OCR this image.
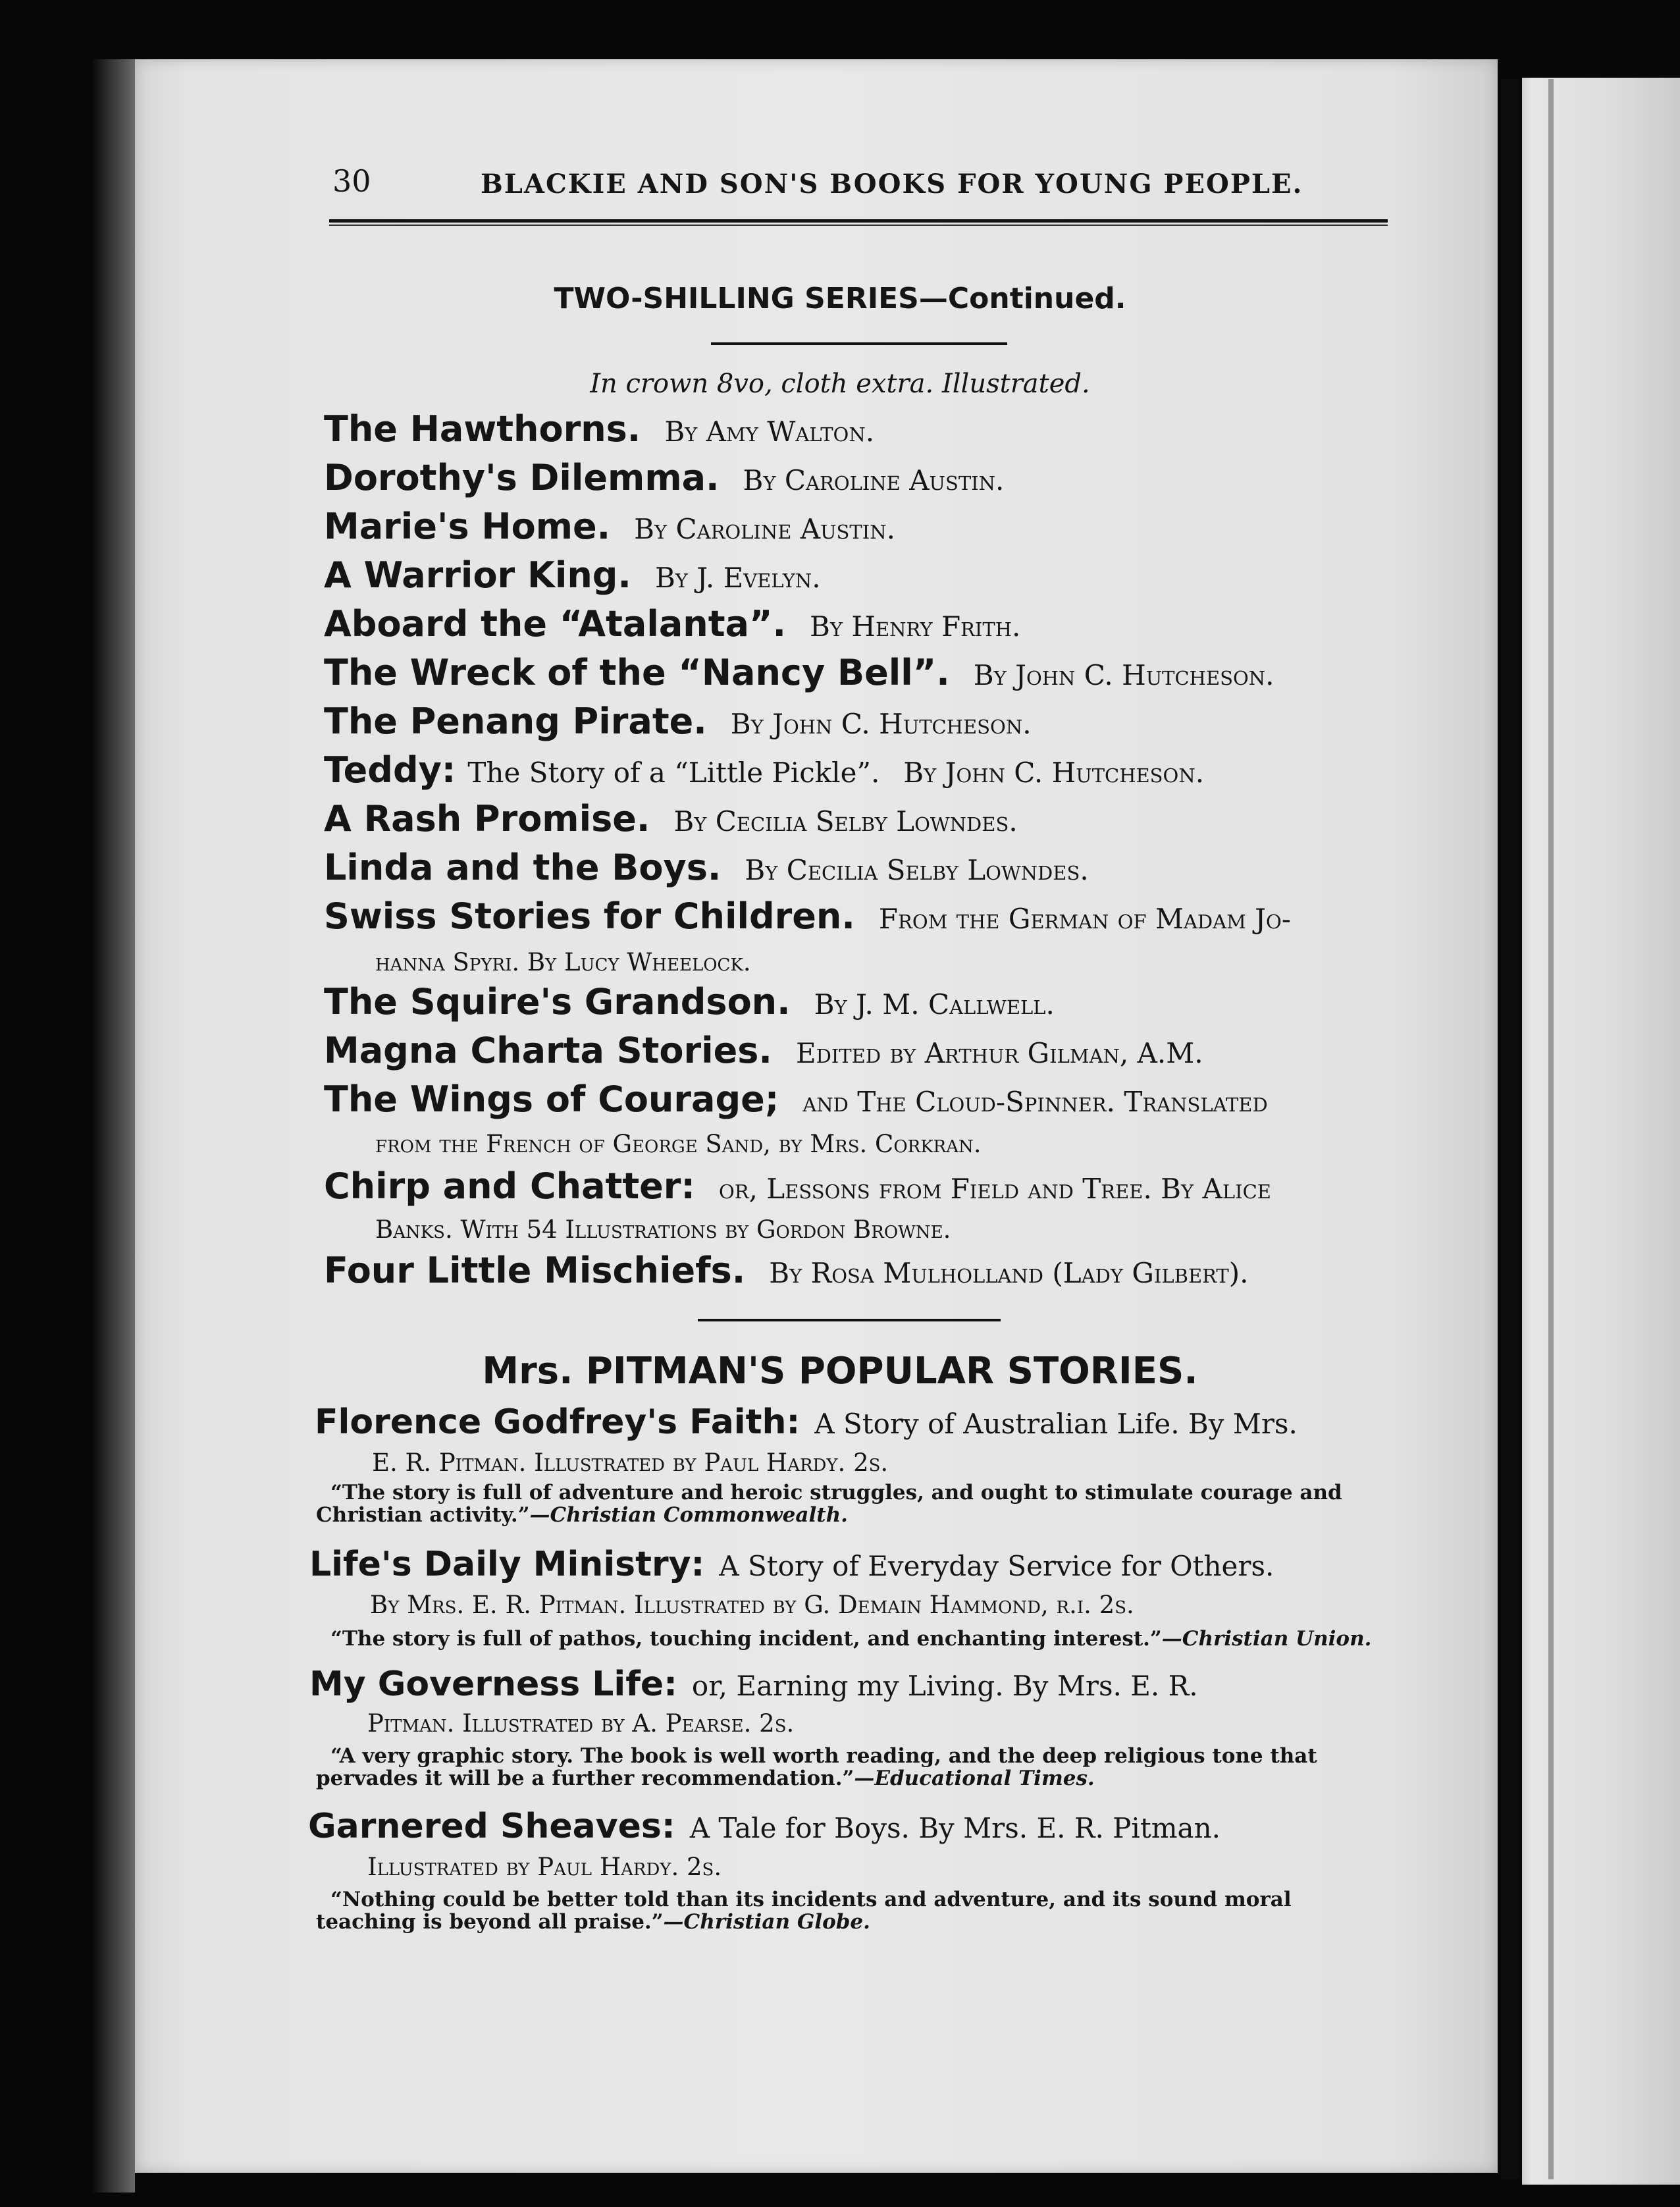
30	BLACKIE AND SON'S BOOKS FOR YOUNG PEOPLE.
TWO-SHILLING SERIES—Continued.
In crown 8vo, cloth extra. Illustrated.
The Hawthorns. By Amy Walton.
Dorothy's Dilemma. By Caroline Austin.
Marie's Home. By Caroline Austin.
A Warrior King. By J. Evelyn.
Aboard the “Atalanta”. By Henry Frith.
The Wreck of the “Nancy Bell”. By John C. Hutcheson.
The Penang Pirate. By John C. Hutcheson.
Teddy: The Story of a “Little Pickle”. By John C. Hutcheson.
A Rash Promise. By Cecilia Selby Lowndes.
Linda and the Boys. By Cecilia Selby Lowndes.
Swiss Stories for Children. From the German of Madam Jo-
hanna Spyri. By Lucy Wheelock.
The Squire's Grandson. By J. M. Callwell.
Magna Charta Stories. Edited by Arthur Gilman, A.M.
The Wings of Courage; and The Cloud-Spinner. Translated
from the French of George Sand, by Mrs. Corkran.
Chirp and Chatter: or, Lessons from Field and Tree. By Alice
Banks. With 54 Illustrations by Gordon Browne.
Four Little Mischiefs. By Rosa Mulholland (Lady Gilbert).
Mrs. PITMAN'S POPULAR STORIES.
Florence Godfrey's Faith: A Story of Australian Life. By Mrs.
E. R. Pitman. Illustrated by Paul Hardy. 2s.
“The story is full of adventure and heroic struggles, and ought to stimulate courage and
Christian activity.”—Christian Commonwealth.
Life's Daily Ministry: A Story of Everyday Service for Others.
By Mrs. E. R. Pitman. Illustrated by G. Demain Hammond, r.i. 2s.
“The story is full of pathos, touching incident, and enchanting interest.”—Christian Union.
My Governess Life: or, Earning my Living. By Mrs. E. R.
Pitman. Illustrated by A. Pearse. 2s.
“A very graphic story. The book is well worth reading, and the deep religious tone that
pervades it will be a further recommendation.”—Educational Times.
Garnered Sheaves: A Tale for Boys. By Mrs. E. R. Pitman.
Illustrated by Paul Hardy. 2s.
“Nothing could be better told than its incidents and adventure, and its sound moral
teaching is beyond all praise.”—Christian Globe.
